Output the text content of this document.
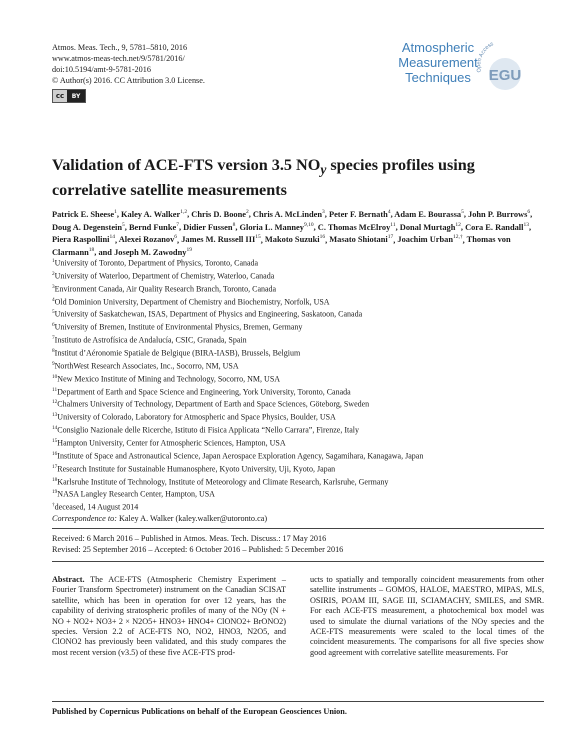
Atmos. Meas. Tech., 9, 5781–5810, 2016
www.atmos-meas-tech.net/9/5781/2016/
doi:10.5194/amt-9-5781-2016
© Author(s) 2016. CC Attribution 3.0 License.
cc	BY
Atmospheric
Measurement
Techniques Open Access
EGU
Validation of ACE-FTS version 3.5 $NO_y$ species profiles using
correlative satellite measurements
Patrick E. Sheese$^1$, Kaley A. Walker$^{1,2}$, Chris D. Boone$^2$, Chris A. McLinden$^3$, Peter F. Bernath$^4$, Adam E. Bourassa$^5$, John P. Burrows$^6$, Doug A. Degenstein$^5$, Bernd Funke$^7$, Didier Fussen$^8$, Gloria L. Manney$^{9,10}$, C. Thomas McElroy$^{11}$, Donal Murtagh$^{12}$, Cora E. Randall$^{13}$, Piera Raspollini$^{14}$, Alexei Rozanov$^6$, James M. Russell III$^{15}$, Makoto Suzuki$^{16}$, Masato Shiotani$^{17}$, Joachim Urban$^{12,\dagger}$, Thomas von Clarmann$^{18}$, and Joseph M. Zawodny$^{19}$
$^1$University of Toronto, Department of Physics, Toronto, Canada
$^2$University of Waterloo, Department of Chemistry, Waterloo, Canada
$^3$Environment Canada, Air Quality Research Branch, Toronto, Canada
$^4$Old Dominion University, Department of Chemistry and Biochemistry, Norfolk, USA
$^5$University of Saskatchewan, ISAS, Department of Physics and Engineering, Saskatoon, Canada
$^6$University of Bremen, Institute of Environmental Physics, Bremen, Germany
$^7$Instituto de Astrofísica de Andalucía, CSIC, Granada, Spain
$^8$Institut d’Aéronomie Spatiale de Belgique (BIRA-IASB), Brussels, Belgium
$^9$NorthWest Research Associates, Inc., Socorro, NM, USA
$^{10}$New Mexico Institute of Mining and Technology, Socorro, NM, USA
$^{11}$Department of Earth and Space Science and Engineering, York University, Toronto, Canada
$^{12}$Chalmers University of Technology, Department of Earth and Space Sciences, Göteborg, Sweden
$^{13}$University of Colorado, Laboratory for Atmospheric and Space Physics, Boulder, USA
$^{14}$Consiglio Nazionale delle Ricerche, Istituto di Fisica Applicata “Nello Carrara”, Firenze, Italy
$^{15}$Hampton University, Center for Atmospheric Sciences, Hampton, USA
$^{16}$Institute of Space and Astronautical Science, Japan Aerospace Exploration Agency, Sagamihara, Kanagawa, Japan
$^{17}$Research Institute for Sustainable Humanosphere, Kyoto University, Uji, Kyoto, Japan
$^{18}$Karlsruhe Institute of Technology, Institute of Meteorology and Climate Research, Karlsruhe, Germany
$^{19}$NASA Langley Research Center, Hampton, USA
†deceased, 14 August 2014
Correspondence to: Kaley A. Walker (kaley.walker@utoronto.ca)
Received: 6 March 2016 – Published in Atmos. Meas. Tech. Discuss.: 17 May 2016
Revised: 25 September 2016 – Accepted: 6 October 2016 – Published: 5 December 2016
Abstract. The ACE-FTS (Atmospheric Chemistry Experiment – Fourier Transform Spectrometer) instrument on the Canadian SCISAT satellite, which has been in operation for over 12 years, has the capability of deriving stratospheric profiles of many of the NOy (N + NO + NO2+ NO3+ 2 × N2O5+ HNO3+ HNO4+ ClONO2+ BrONO2) species. Version 2.2 of ACE-FTS NO, NO2, HNO3, N2O5, and ClONO2 has previously been validated, and this study compares the most recent version (v3.5) of these five ACE-FTS prod-
ucts to spatially and temporally coincident measurements from other satellite instruments – GOMOS, HALOE, MAESTRO, MIPAS, MLS, OSIRIS, POAM III, SAGE III, SCIAMACHY, SMILES, and SMR. For each ACE-FTS measurement, a photochemical box model was used to simulate the diurnal variations of the NOy species and the ACE-FTS measurements were scaled to the local times of the coincident measurements. The comparisons for all five species show good agreement with correlative satellite measurements. For
Published by Copernicus Publications on behalf of the European Geosciences Union.
